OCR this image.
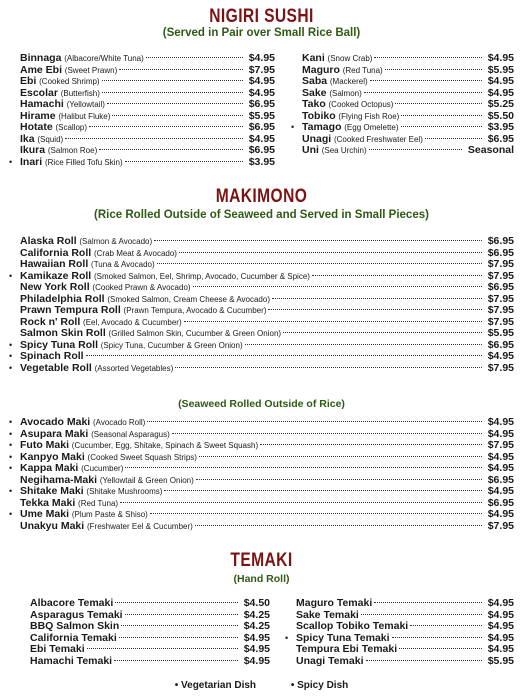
NIGIRI SUSHI
(Served in Pair over Small Rice Ball)
Binnaga (Albacore/White Tuna)	$4.95
Ame Ebi (Sweet Prawn)	$7.95
Ebi (Cooked Shrimp)	$4.95
Escolar (Butterfish)	$4.95
Hamachi (Yellowtail)	$6.95
Hirame (Halibut Fluke)	$5.95
Hotate (Scallop)	$6.95
Ika (Squid)	$4.95
Ikura (Salmon Roe)	$6.95
• Inari (Rice Filled Tofu Skin)	$3.95
Kani (Snow Crab)	$4.95
Maguro (Red Tuna)	$5.95
Saba (Mackerel)	$4.95
Sake (Salmon)	$4.95
Tako (Cooked Octopus)	$5.25
Tobiko (Flying Fish Roe)	$5.50
• Tamago (Egg Omelette)	$3.95
Unagi (Cooked Freshwater Eel)	$6.95
Uni (Sea Urchin)	Seasonal
MAKIMONO
(Rice Rolled Outside of Seaweed and Served in Small Pieces)
Alaska Roll (Salmon & Avocado)	$6.95
California Roll (Crab Meat & Avocado)	$6.95
Hawaiian Roll (Tuna & Avocado)	$7.95
• Kamikaze Roll (Smoked Salmon, Eel, Shrimp, Avocado, Cucumber & Spice)	$7.95
New York Roll (Cooked Prawn & Avocado)	$6.95
Philadelphia Roll (Smoked Salmon, Cream Cheese & Avocado)	$7.95
Prawn Tempura Roll (Prawn Tempura, Avocado & Cucumber)	$7.95
Rock n' Roll (Eel, Avocado & Cucumber)	$7.95
Salmon Skin Roll (Grilled Salmon Skin, Cucumber & Green Onion)	$5.95
• Spicy Tuna Roll (Spicy Tuna, Cucumber & Green Onion)	$6.95
• Spinach Roll	$4.95
• Vegetable Roll (Assorted Vegetables)	$7.95
(Seaweed Rolled Outside of Rice)
• Avocado Maki (Avocado Roll)	$4.95
• Asupara Maki (Seasonal Asparagus)	$4.95
• Futo Maki (Cucumber, Egg, Shitake, Spinach & Sweet Squash)	$7.95
• Kanpyo Maki (Cooked Sweet Squash Strips)	$4.95
• Kappa Maki (Cucumber)	$4.95
Negihama-Maki (Yellowtail & Green Onion)	$6.95
• Shitake Maki (Shitake Mushrooms)	$4.95
Tekka Maki (Red Tuna)	$6.95
• Ume Maki (Plum Paste & Shiso)	$4.95
Unakyu Maki (Freshwater Eel & Cucumber)	$7.95
TEMAKI
(Hand Roll)
Albacore Temaki	$4.50
Asparagus Temaki	$4.25
BBQ Salmon Skin	$4.25
California Temaki	$4.95
Ebi Temaki	$4.95
Hamachi Temaki	$4.95
Maguro Temaki	$4.95
Sake Temaki	$4.95
Scallop Tobiko Temaki	$4.95
• Spicy Tuna Temaki	$4.95
Tempura Ebi Temaki	$4.95
Unagi Temaki	$5.95
• Vegetarian Dish	• Spicy Dish
